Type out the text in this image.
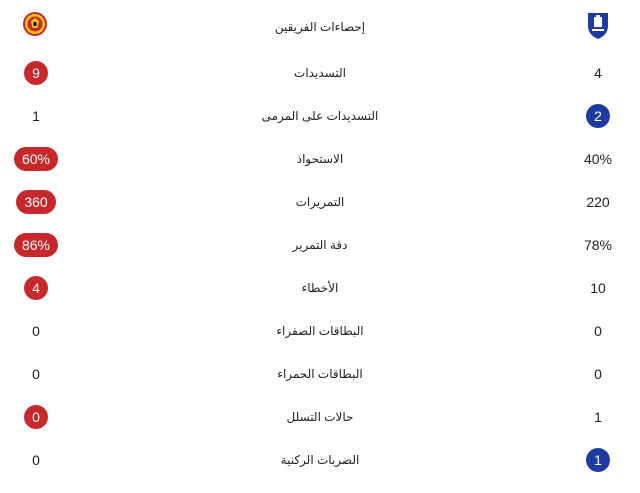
إحصاءات الفريقين
9	التسديدات	4
1	التسديدات على المرمى	2
60%	الاستحواذ	40%
360	التمريرات	220
86%	دقة التمرير	78%
4	الأخطاء	10
0	البطاقات الصفراء	0
0	البطاقات الحمراء	0
0	حالات التسلل	1
0	الضربات الركنية	1
